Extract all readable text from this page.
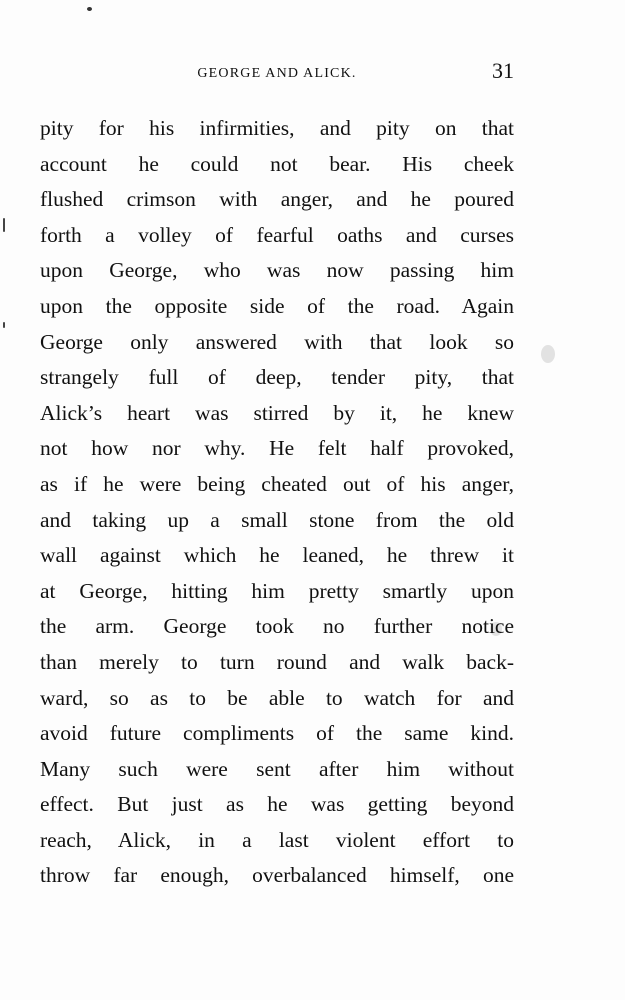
GEORGE AND ALICK.	31
pity for his infirmities, and pity on that
account he could not bear. His cheek
flushed crimson with anger, and he poured
forth a volley of fearful oaths and curses
upon George, who was now passing him
upon the opposite side of the road. Again
George only answered with that look so
strangely full of deep, tender pity, that
Alick’s heart was stirred by it, he knew
not how nor why. He felt half provoked,
as if he were being cheated out of his anger,
and taking up a small stone from the old
wall against which he leaned, he threw it
at George, hitting him pretty smartly upon
the arm. George took no further notice
than merely to turn round and walk back-
ward, so as to be able to watch for and
avoid future compliments of the same kind.
Many such were sent after him without
effect. But just as he was getting beyond
reach, Alick, in a last violent effort to
throw far enough, overbalanced himself, one
